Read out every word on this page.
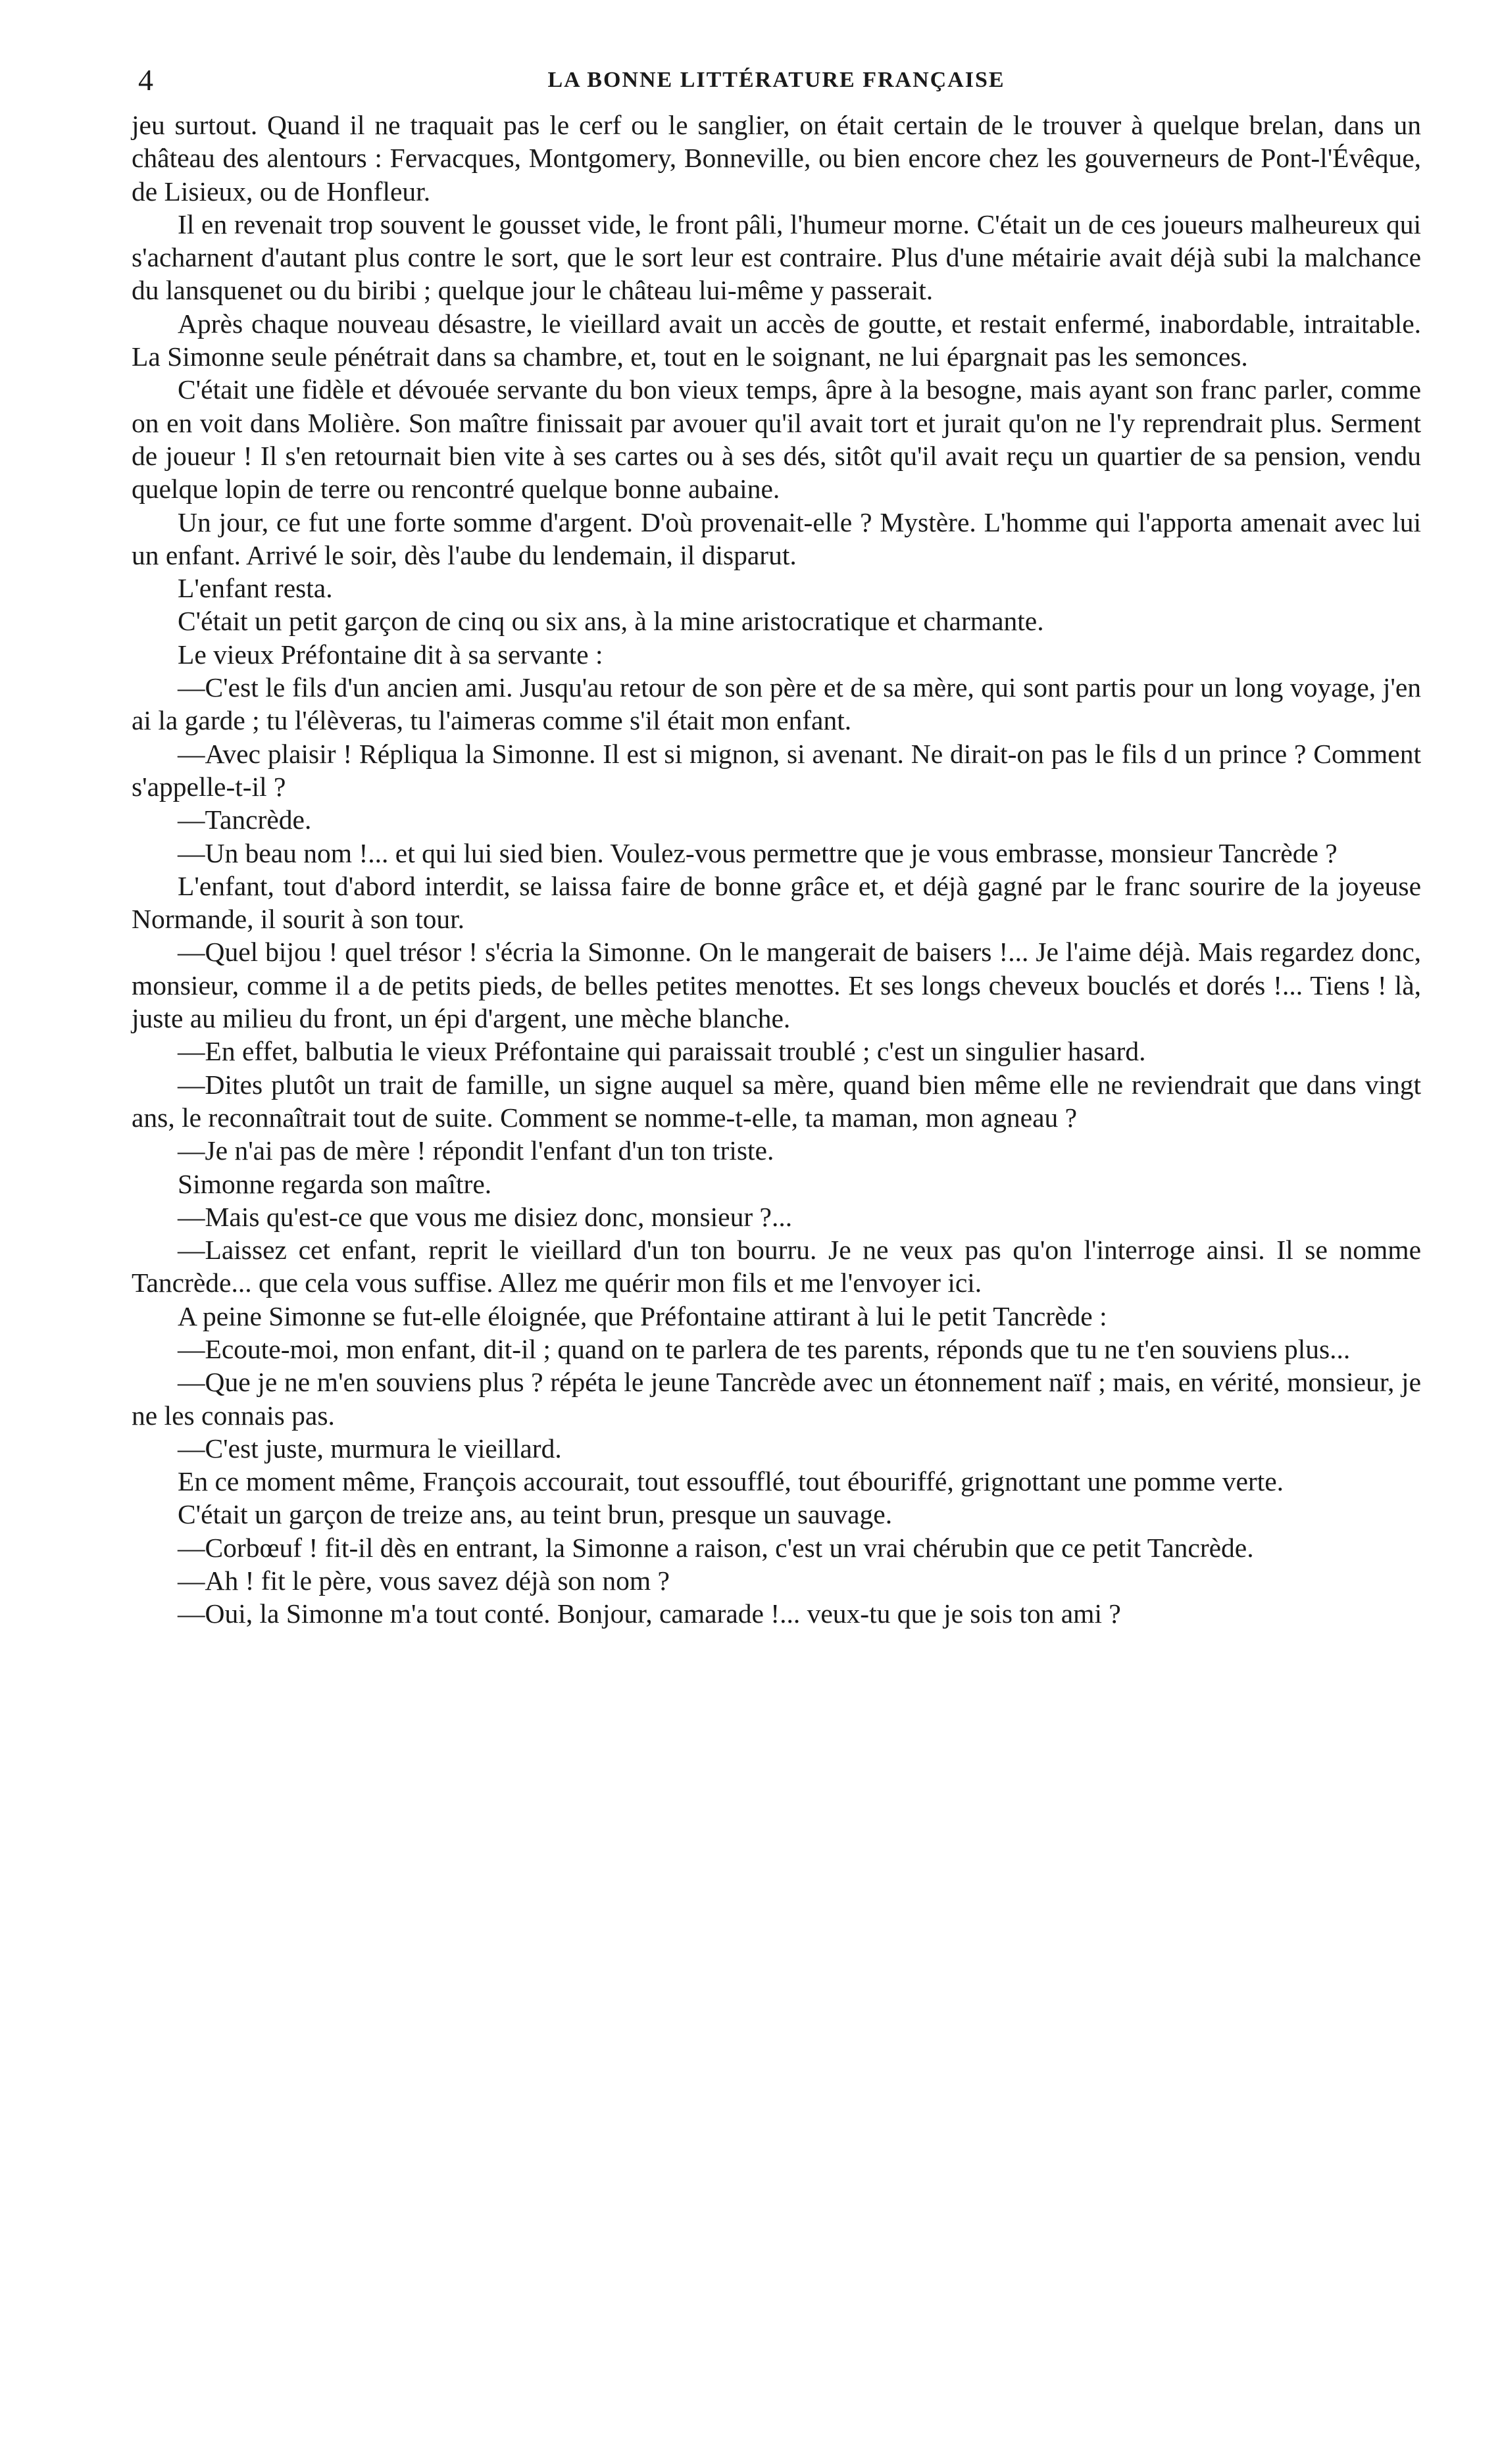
4	LA BONNE LITTÉRATURE FRANÇAISE

jeu surtout. Quand il ne traquait pas le cerf ou le sanglier, on était certain de le trouver à quelque brelan, dans un château des alentours : Fervacques, Montgomery, Bonneville, ou bien encore chez les gouverneurs de Pont-l'Évêque, de Lisieux, ou de Honfleur.

Il en revenait trop souvent le gousset vide, le front pâli, l'humeur morne. C'était un de ces joueurs malheureux qui s'acharnent d'autant plus contre le sort, que le sort leur est contraire. Plus d'une métairie avait déjà subi la malchance du lansquenet ou du biribi ; quelque jour le château lui-même y passerait.

Après chaque nouveau désastre, le vieillard avait un accès de goutte, et restait enfermé, inabordable, intraitable. La Simonne seule pénétrait dans sa chambre, et, tout en le soignant, ne lui épargnait pas les semonces.

C'était une fidèle et dévouée servante du bon vieux temps, âpre à la besogne, mais ayant son franc parler, comme on en voit dans Molière. Son maître finissait par avouer qu'il avait tort et jurait qu'on ne l'y reprendrait plus. Serment de joueur ! Il s'en retournait bien vite à ses cartes ou à ses dés, sitôt qu'il avait reçu un quartier de sa pension, vendu quelque lopin de terre ou rencontré quelque bonne aubaine.

Un jour, ce fut une forte somme d'argent. D'où provenait-elle ? Mystère. L'homme qui l'apporta amenait avec lui un enfant. Arrivé le soir, dès l'aube du lendemain, il disparut.

L'enfant resta.

C'était un petit garçon de cinq ou six ans, à la mine aristocratique et charmante.

Le vieux Préfontaine dit à sa servante :

—C'est le fils d'un ancien ami. Jusqu'au retour de son père et de sa mère, qui sont partis pour un long voyage, j'en ai la garde ; tu l'élèveras, tu l'aimeras comme s'il était mon enfant.

—Avec plaisir ! Répliqua la Simonne. Il est si mignon, si avenant. Ne dirait-on pas le fils d un prince ? Comment s'appelle-t-il ?

—Tancrède.

—Un beau nom !... et qui lui sied bien. Voulez-vous permettre que je vous embrasse, monsieur Tancrède ?

L'enfant, tout d'abord interdit, se laissa faire de bonne grâce et, et déjà gagné par le franc sourire de la joyeuse Normande, il sourit à son tour.

—Quel bijou ! quel trésor ! s'écria la Simonne. On le mangerait de baisers !... Je l'aime déjà. Mais regardez donc, monsieur, comme il a de petits pieds, de belles petites menottes. Et ses longs cheveux bouclés et dorés !... Tiens ! là, juste au milieu du front, un épi d'argent, une mèche blanche.

—En effet, balbutia le vieux Préfontaine qui paraissait troublé ; c'est un singulier hasard.

—Dites plutôt un trait de famille, un signe auquel sa mère, quand bien même elle ne reviendrait que dans vingt ans, le reconnaîtrait tout de suite. Comment se nomme-t-elle, ta maman, mon agneau ?

—Je n'ai pas de mère ! répondit l'enfant d'un ton triste.

Simonne regarda son maître.

—Mais qu'est-ce que vous me disiez donc, monsieur ?...

—Laissez cet enfant, reprit le vieillard d'un ton bourru. Je ne veux pas qu'on l'interroge ainsi. Il se nomme Tancrède... que cela vous suffise. Allez me quérir mon fils et me l'envoyer ici.

A peine Simonne se fut-elle éloignée, que Préfontaine attirant à lui le petit Tancrède :

—Ecoute-moi, mon enfant, dit-il ; quand on te parlera de tes parents, réponds que tu ne t'en souviens plus...

—Que je ne m'en souviens plus ? répéta le jeune Tancrède avec un étonnement naïf ; mais, en vérité, monsieur, je ne les connais pas.

—C'est juste, murmura le vieillard.

En ce moment même, François accourait, tout essoufflé, tout ébouriffé, grignottant une pomme verte.

C'était un garçon de treize ans, au teint brun, presque un sauvage.

—Corbœuf ! fit-il dès en entrant, la Simonne a raison, c'est un vrai chérubin que ce petit Tancrède.

—Ah ! fit le père, vous savez déjà son nom ?

—Oui, la Simonne m'a tout conté. Bonjour, camarade !... veux-tu que je sois ton ami ?
